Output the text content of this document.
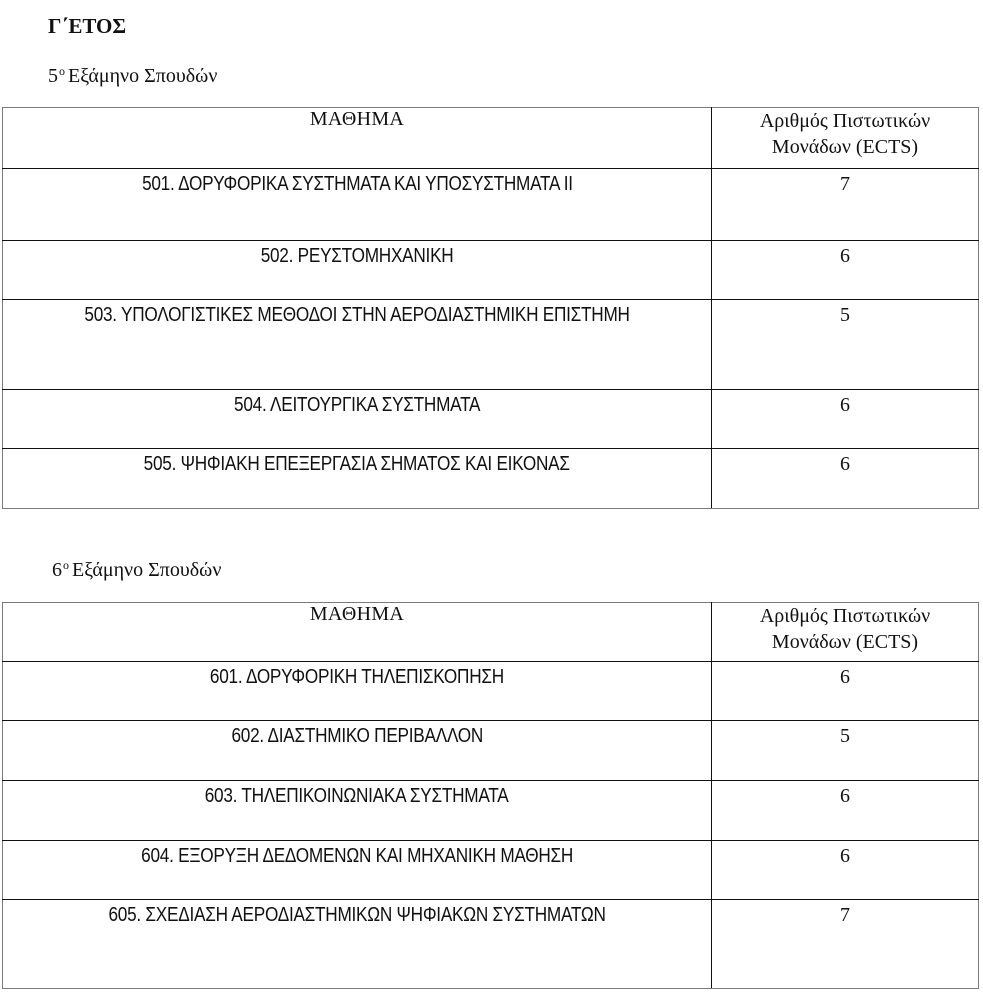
Γ΄ΕΤΟΣ
$5^o$ Εξάμηνο Σπουδών
ΜΑΘΗΜΑ	Αριθμός Πιστωτικών
Μονάδων (ECTS)
501. ΔΟΡΥΦΟΡΙΚΑ ΣΥΣΤΗΜΑΤΑ ΚΑΙ ΥΠΟΣΥΣΤΗΜΑΤΑ ΙΙ	7
502. ΡΕΥΣΤΟΜΗΧΑΝΙΚΗ	6
503. ΥΠΟΛΟΓΙΣΤΙΚΕΣ ΜΕΘΟΔΟΙ ΣΤΗΝ ΑΕΡΟΔΙΑΣΤΗΜΙΚΗ ΕΠΙΣΤΗΜΗ	5
504. ΛΕΙΤΟΥΡΓΙΚΑ ΣΥΣΤΗΜΑΤΑ	6
505. ΨΗΦΙΑΚΗ ΕΠΕΞΕΡΓΑΣΙΑ ΣΗΜΑΤΟΣ ΚΑΙ ΕΙΚΟΝΑΣ	6
$6^o$ Εξάμηνο Σπουδών
ΜΑΘΗΜΑ	Αριθμός Πιστωτικών
Μονάδων (ECTS)
601. ΔΟΡΥΦΟΡΙΚΗ ΤΗΛΕΠΙΣΚΟΠΗΣΗ	6
602. ΔΙΑΣΤΗΜΙΚΟ ΠΕΡΙΒΑΛΛΟΝ	5
603. ΤΗΛΕΠΙΚΟΙΝΩΝΙΑΚΑ ΣΥΣΤΗΜΑΤΑ	6
604. ΕΞΟΡΥΞΗ ΔΕΔΟΜΕΝΩΝ ΚΑΙ ΜΗΧΑΝΙΚΗ ΜΑΘΗΣΗ	6
605. ΣΧΕΔΙΑΣΗ ΑΕΡΟΔΙΑΣΤΗΜΙΚΩΝ ΨΗΦΙΑΚΩΝ ΣΥΣΤΗΜΑΤΩΝ	7
